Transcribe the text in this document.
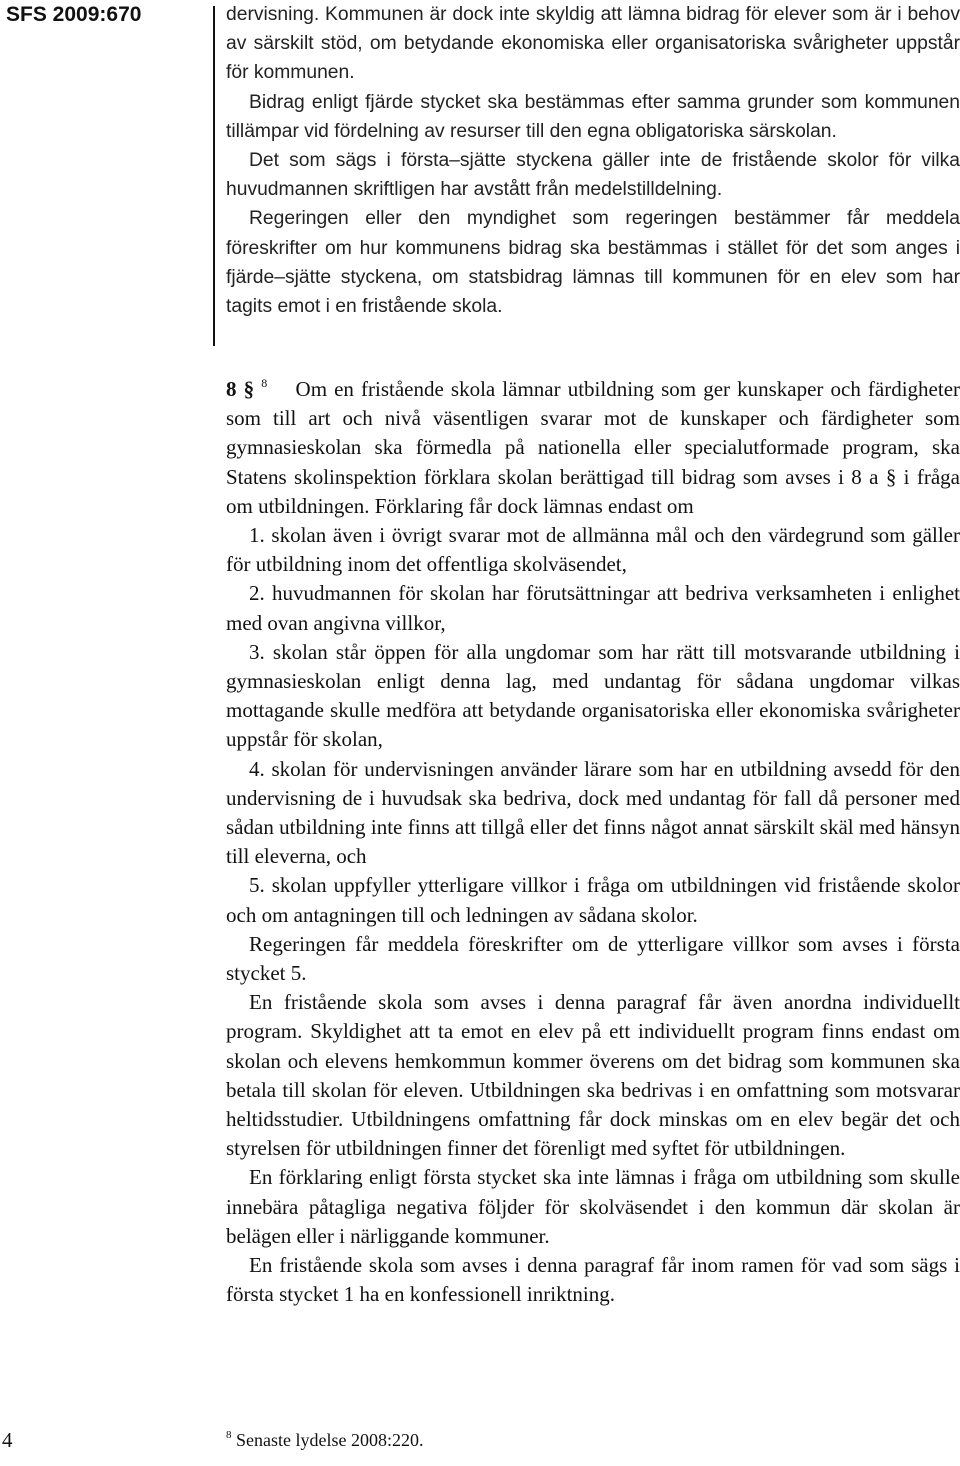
SFS 2009:670	dervisning. Kommunen är dock inte skyldig att lämna bidrag för elever som är i behov av särskilt stöd, om betydande ekonomiska eller organisatoriska svårigheter uppstår för kommunen.

Bidrag enligt fjärde stycket ska bestämmas efter samma grunder som kommunen tillämpar vid fördelning av resurser till den egna obligatoriska särskolan.

Det som sägs i första–sjätte styckena gäller inte de fristående skolor för vilka huvudmannen skriftligen har avstått från medelstilldelning.

Regeringen eller den myndighet som regeringen bestämmer får meddela föreskrifter om hur kommunens bidrag ska bestämmas i stället för det som anges i fjärde–sjätte styckena, om statsbidrag lämnas till kommunen för en elev som har tagits emot i en fristående skola.

8 § $^8$ Om en fristående skola lämnar utbildning som ger kunskaper och färdigheter som till art och nivå väsentligen svarar mot de kunskaper och färdigheter som gymnasieskolan ska förmedla på nationella eller specialutformade program, ska Statens skolinspektion förklara skolan berättigad till bidrag som avses i 8 a § i fråga om utbildningen. Förklaring får dock lämnas endast om

1. skolan även i övrigt svarar mot de allmänna mål och den värdegrund som gäller för utbildning inom det offentliga skolväsendet,

2. huvudmannen för skolan har förutsättningar att bedriva verksamheten i enlighet med ovan angivna villkor,

3. skolan står öppen för alla ungdomar som har rätt till motsvarande utbildning i gymnasieskolan enligt denna lag, med undantag för sådana ungdomar vilkas mottagande skulle medföra att betydande organisatoriska eller ekonomiska svårigheter uppstår för skolan,

4. skolan för undervisningen använder lärare som har en utbildning avsedd för den undervisning de i huvudsak ska bedriva, dock med undantag för fall då personer med sådan utbildning inte finns att tillgå eller det finns något annat särskilt skäl med hänsyn till eleverna, och

5. skolan uppfyller ytterligare villkor i fråga om utbildningen vid fristående skolor och om antagningen till och ledningen av sådana skolor.

Regeringen får meddela föreskrifter om de ytterligare villkor som avses i första stycket 5.

En fristående skola som avses i denna paragraf får även anordna individuellt program. Skyldighet att ta emot en elev på ett individuellt program finns endast om skolan och elevens hemkommun kommer överens om det bidrag som kommunen ska betala till skolan för eleven. Utbildningen ska bedrivas i en omfattning som motsvarar heltidsstudier. Utbildningens omfattning får dock minskas om en elev begär det och styrelsen för utbildningen finner det förenligt med syftet för utbildningen.

En förklaring enligt första stycket ska inte lämnas i fråga om utbildning som skulle innebära påtagliga negativa följder för skolväsendet i den kommun där skolan är belägen eller i närliggande kommuner.

En fristående skola som avses i denna paragraf får inom ramen för vad som sägs i första stycket 1 ha en konfessionell inriktning.

4	$^8$ Senaste lydelse 2008:220.
